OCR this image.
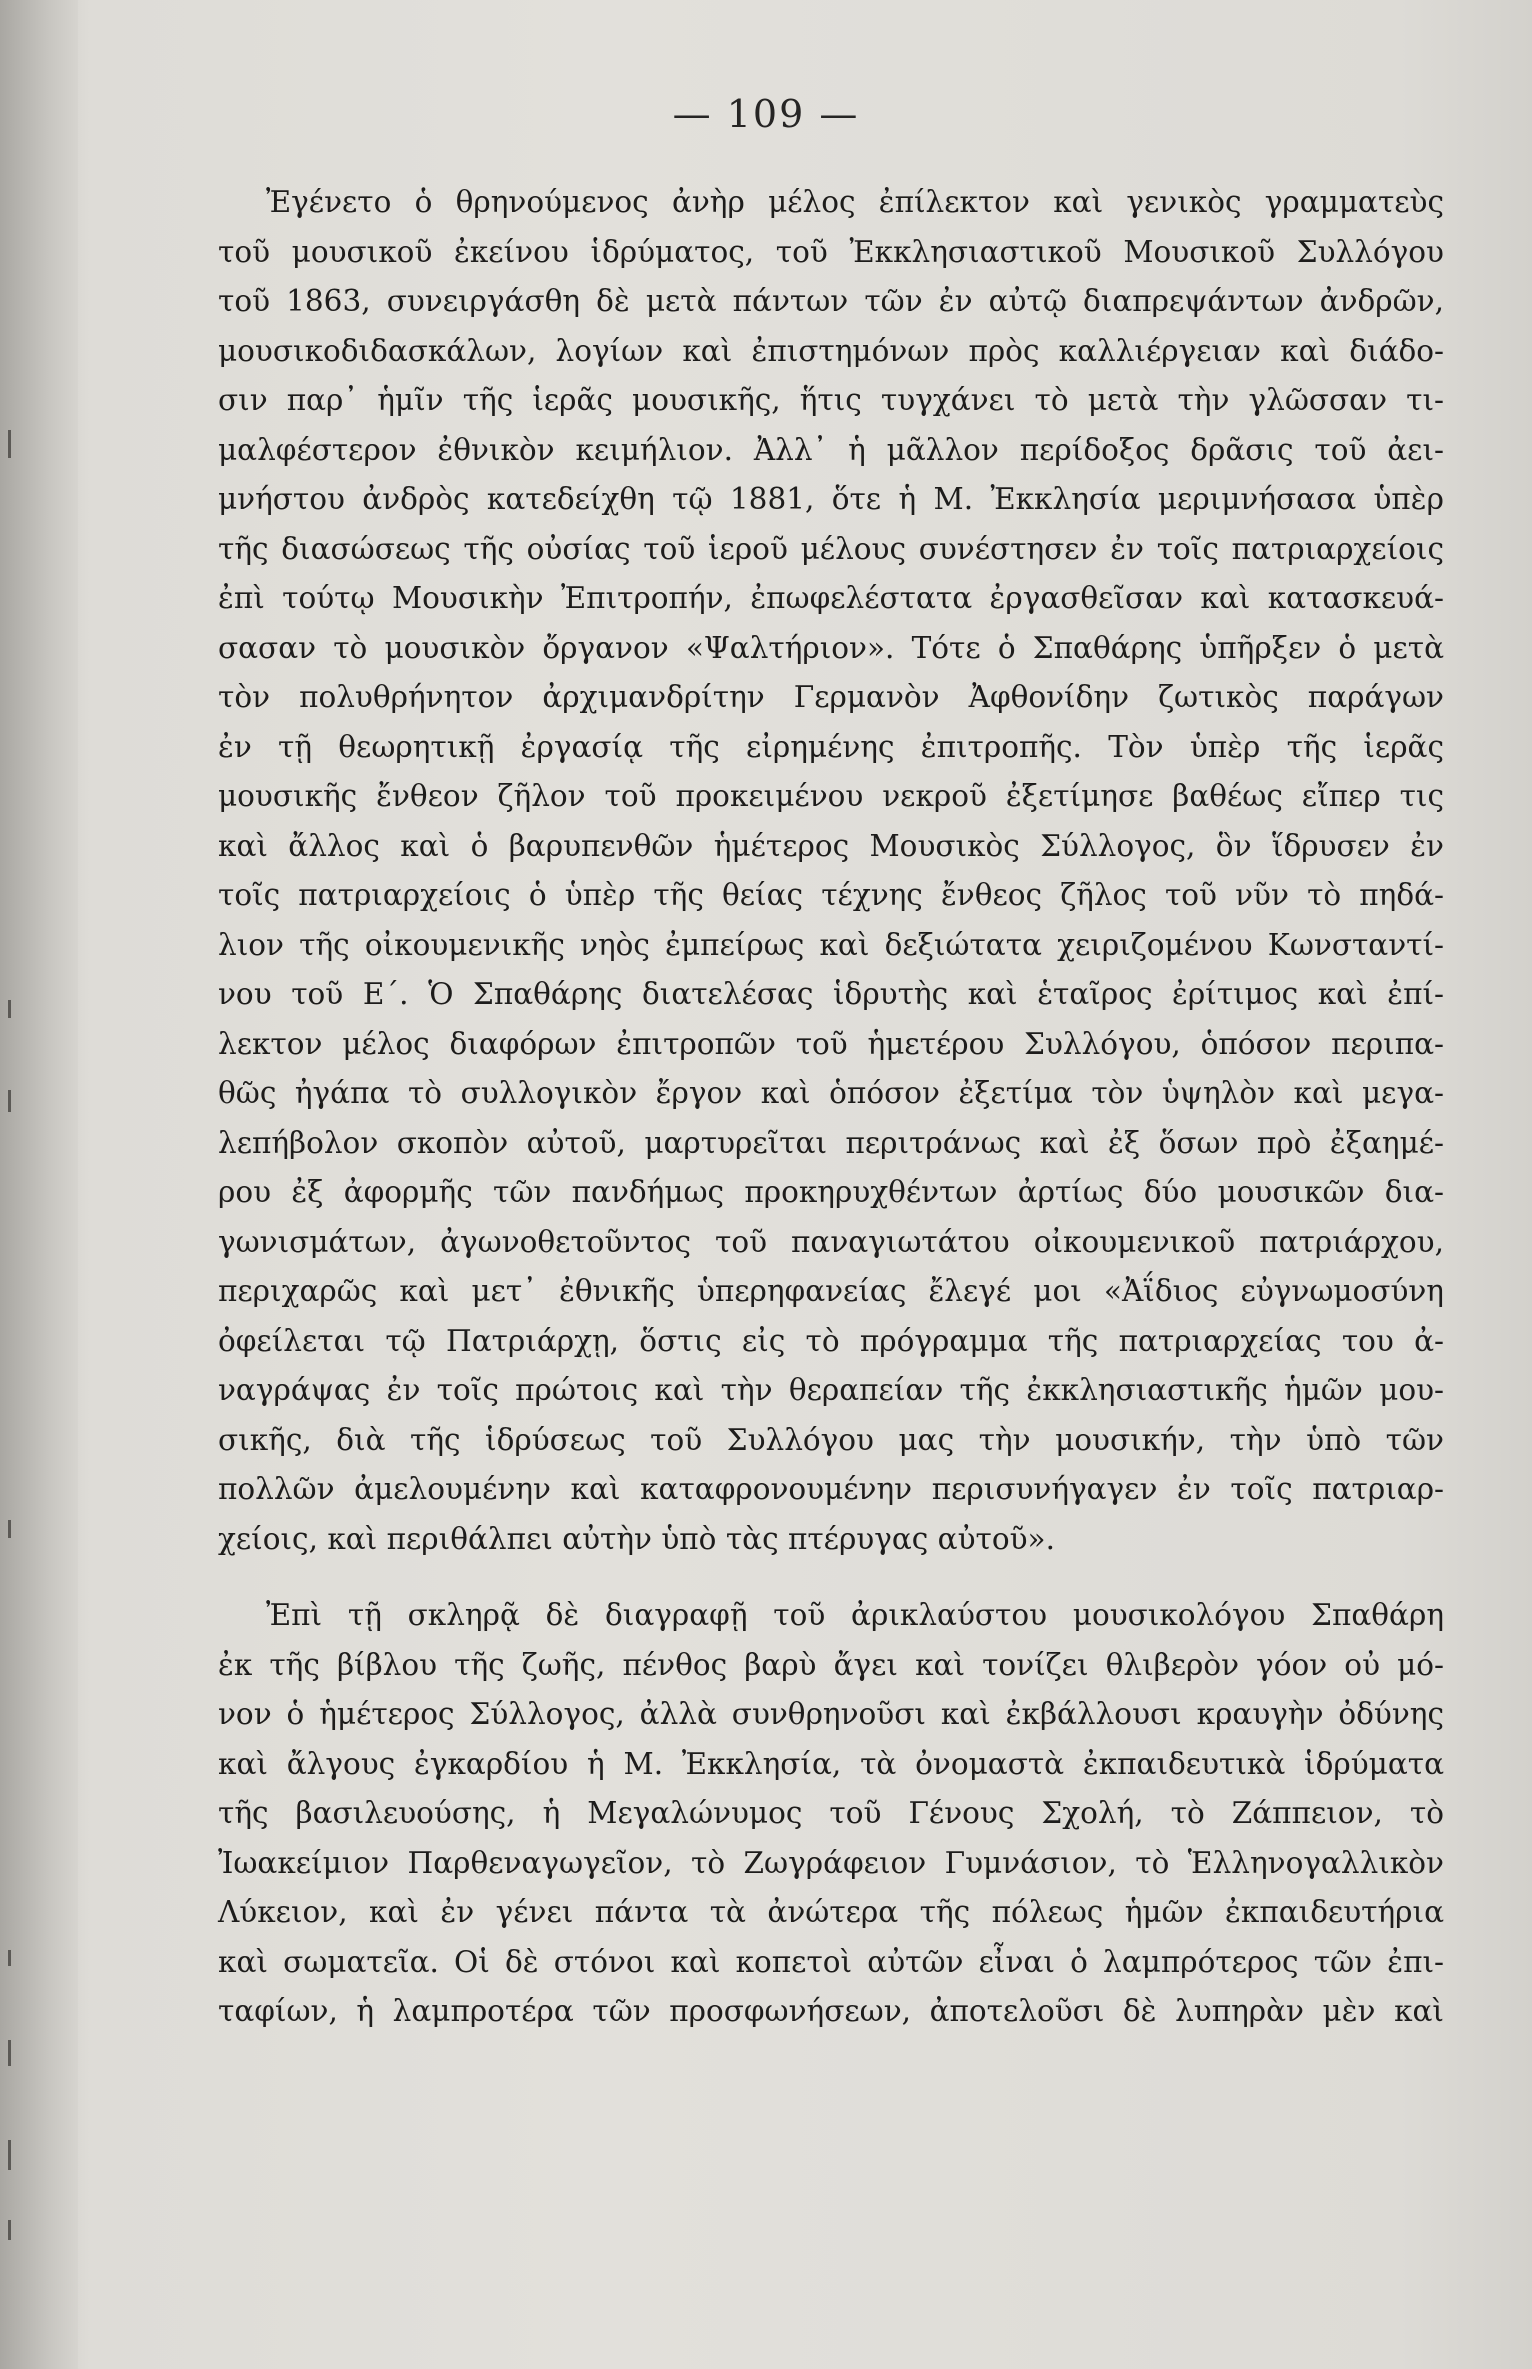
— 109 —

Ἐγένετο ὁ θρηνούμενος ἀνὴρ μέλος ἐπίλεκτον καὶ γενικὸς γραμματεὺς
τοῦ μουσικοῦ ἐκείνου ἱδρύματος, τοῦ Ἐκκλησιαστικοῦ Μουσικοῦ Συλλόγου
τοῦ 1863, συνειργάσθη δὲ μετὰ πάντων τῶν ἐν αὐτῷ διαπρεψάντων ἀνδρῶν,
μουσικοδιδασκάλων, λογίων καὶ ἐπιστημόνων πρὸς καλλιέργειαν καὶ διάδο-
σιν παρ᾽ ἡμῖν τῆς ἱερᾶς μουσικῆς, ἥτις τυγχάνει τὸ μετὰ τὴν γλῶσσαν τι-
μαλφέστερον ἐθνικὸν κειμήλιον. Ἀλλ᾽ ἡ μᾶλλον περίδοξος δρᾶσις τοῦ ἀει-
μνήστου ἀνδρὸς κατεδείχθη τῷ 1881, ὅτε ἡ Μ. Ἐκκλησία μεριμνήσασα ὑπὲρ
τῆς διασώσεως τῆς οὐσίας τοῦ ἱεροῦ μέλους συνέστησεν ἐν τοῖς πατριαρχείοις
ἐπὶ τούτῳ Μουσικὴν Ἐπιτροπήν, ἐπωφελέστατα ἐργασθεῖσαν καὶ κατασκευά-
σασαν τὸ μουσικὸν ὄργανον «Ψαλτήριον». Τότε ὁ Σπαθάρης ὑπῆρξεν ὁ μετὰ
τὸν πολυθρήνητον ἀρχιμανδρίτην Γερμανὸν Ἀφθονίδην ζωτικὸς παράγων
ἐν τῇ θεωρητικῇ ἐργασίᾳ τῆς εἰρημένης ἐπιτροπῆς. Τὸν ὑπὲρ τῆς ἱερᾶς
μουσικῆς ἔνθεον ζῆλον τοῦ προκειμένου νεκροῦ ἐξετίμησε βαθέως εἴπερ τις
καὶ ἄλλος καὶ ὁ βαρυπενθῶν ἡμέτερος Μουσικὸς Σύλλογος, ὃν ἵδρυσεν ἐν
τοῖς πατριαρχείοις ὁ ὑπὲρ τῆς θείας τέχνης ἔνθεος ζῆλος τοῦ νῦν τὸ πηδά-
λιον τῆς οἰκουμενικῆς νηὸς ἐμπείρως καὶ δεξιώτατα χειριζομένου Κωνσταντί-
νου τοῦ Ε΄. Ὁ Σπαθάρης διατελέσας ἱδρυτὴς καὶ ἑταῖρος ἐρίτιμος καὶ ἐπί-
λεκτον μέλος διαφόρων ἐπιτροπῶν τοῦ ἡμετέρου Συλλόγου, ὁπόσον περιπα-
θῶς ἠγάπα τὸ συλλογικὸν ἔργον καὶ ὁπόσον ἐξετίμα τὸν ὑψηλὸν καὶ μεγα-
λεπήβολον σκοπὸν αὐτοῦ, μαρτυρεῖται περιτράνως καὶ ἐξ ὅσων πρὸ ἐξαημέ-
ρου ἐξ ἀφορμῆς τῶν πανδήμως προκηρυχθέντων ἀρτίως δύο μουσικῶν δια-
γωνισμάτων, ἀγωνοθετοῦντος τοῦ παναγιωτάτου οἰκουμενικοῦ πατριάρχου,
περιχαρῶς καὶ μετ᾽ ἐθνικῆς ὑπερηφανείας ἔλεγέ μοι «Ἀΐδιος εὐγνωμοσύνη
ὀφείλεται τῷ Πατριάρχῃ, ὅστις εἰς τὸ πρόγραμμα τῆς πατριαρχείας του ἀ-
ναγράψας ἐν τοῖς πρώτοις καὶ τὴν θεραπείαν τῆς ἐκκλησιαστικῆς ἡμῶν μου-
σικῆς, διὰ τῆς ἱδρύσεως τοῦ Συλλόγου μας τὴν μουσικήν, τὴν ὑπὸ τῶν
πολλῶν ἀμελουμένην καὶ καταφρονουμένην περισυνήγαγεν ἐν τοῖς πατριαρ-
χείοις, καὶ περιθάλπει αὐτὴν ὑπὸ τὰς πτέρυγας αὐτοῦ».

Ἐπὶ τῇ σκληρᾷ δὲ διαγραφῇ τοῦ ἀρικλαύστου μουσικολόγου Σπαθάρη
ἐκ τῆς βίβλου τῆς ζωῆς, πένθος βαρὺ ἄγει καὶ τονίζει θλιβερὸν γόον οὐ μό-
νον ὁ ἡμέτερος Σύλλογος, ἀλλὰ συνθρηνοῦσι καὶ ἐκβάλλουσι κραυγὴν ὀδύνης
καὶ ἄλγους ἐγκαρδίου ἡ Μ. Ἐκκλησία, τὰ ὀνομαστὰ ἐκπαιδευτικὰ ἱδρύματα
τῆς βασιλευούσης, ἡ Μεγαλώνυμος τοῦ Γένους Σχολή, τὸ Ζάππειον, τὸ
Ἰωακείμιον Παρθεναγωγεῖον, τὸ Ζωγράφειον Γυμνάσιον, τὸ Ἑλληνογαλλικὸν
Λύκειον, καὶ ἐν γένει πάντα τὰ ἀνώτερα τῆς πόλεως ἡμῶν ἐκπαιδευτήρια
καὶ σωματεῖα. Οἱ δὲ στόνοι καὶ κοπετοὶ αὐτῶν εἶναι ὁ λαμπρότερος τῶν ἐπι-
ταφίων, ἡ λαμπροτέρα τῶν προσφωνήσεων, ἀποτελοῦσι δὲ λυπηρὰν μὲν καὶ
